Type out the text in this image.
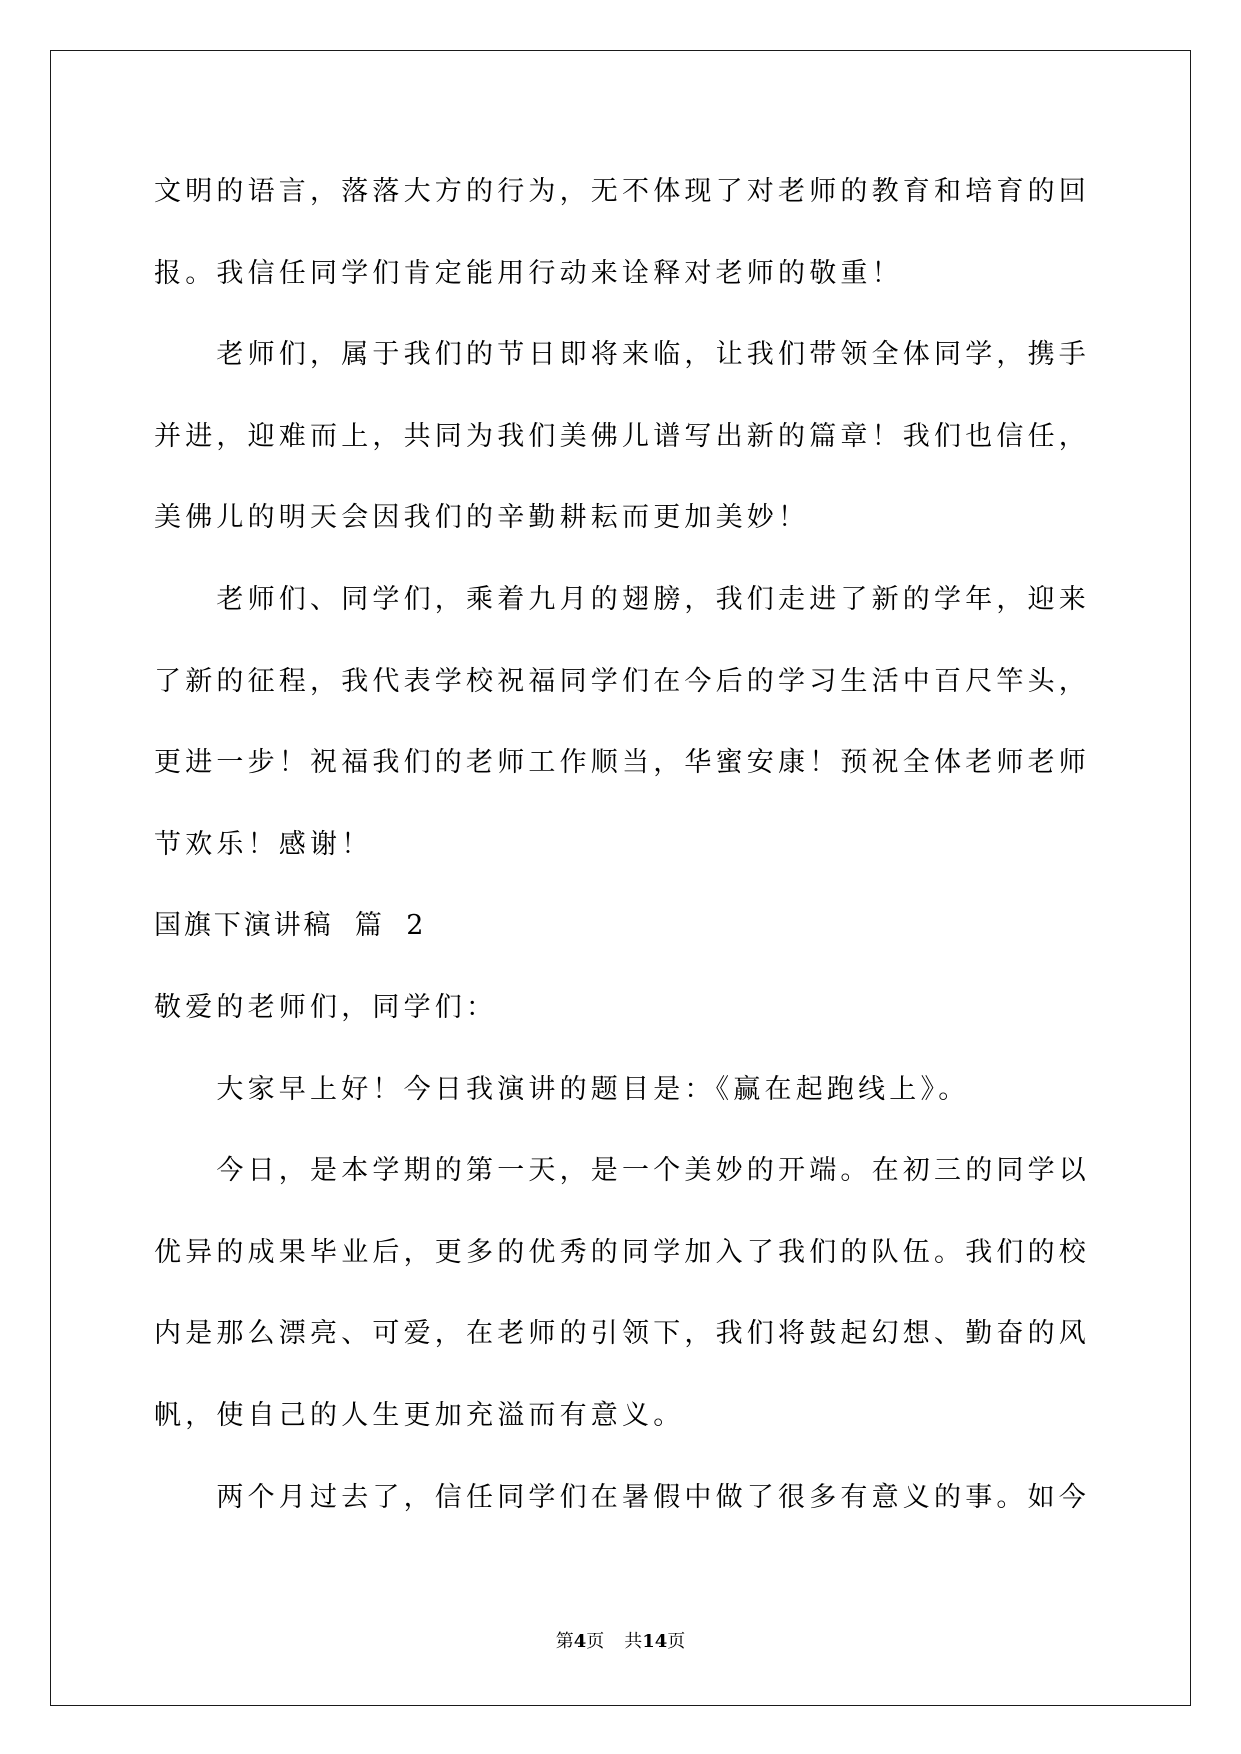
文明的语言，落落大方的行为，无不体现了对老师的教育和培育的回
报。我信任同学们肯定能用行动来诠释对老师的敬重！
老师们，属于我们的节日即将来临，让我们带领全体同学，携手
并进，迎难而上，共同为我们美佛儿谱写出新的篇章！我们也信任，
美佛儿的明天会因我们的辛勤耕耘而更加美妙！
老师们、同学们，乘着九月的翅膀，我们走进了新的学年，迎来
了新的征程，我代表学校祝福同学们在今后的学习生活中百尺竿头，
更进一步！祝福我们的老师工作顺当，华蜜安康！预祝全体老师老师
节欢乐！感谢！
国旗下演讲稿 篇 2
敬爱的老师们，同学们：
大家早上好！今日我演讲的题目是：《赢在起跑线上》。
今日，是本学期的第一天，是一个美妙的开端。在初三的同学以
优异的成果毕业后，更多的优秀的同学加入了我们的队伍。我们的校
内是那么漂亮、可爱，在老师的引领下，我们将鼓起幻想、勤奋的风
帆，使自己的人生更加充溢而有意义。
两个月过去了，信任同学们在暑假中做了很多有意义的事。如今
第4页 共14页
